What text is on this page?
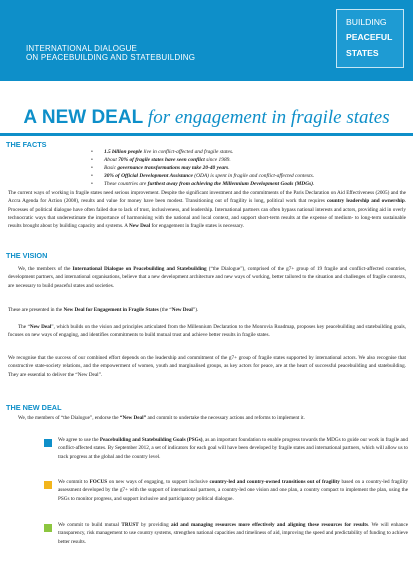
INTERNATIONAL DIALOGUE
ON PEACEBUILDING AND STATEBUILDING
BUILDING
PEACEFUL
STATES
A NEW DEAL for engagement in fragile states
THE FACTS
• 1.5 billion people live in conflict-affected and fragile states.
• About 70% of fragile states have seen conflict since 1989.
• Basic governance transformations may take 20-40 years.
• 30% of Official Development Assistance (ODA) is spent in fragile and conflict-affected contexts.
• These countries are furthest away from achieving the Millennium Development Goals (MDGs).

The current ways of working in fragile states need serious improvement. Despite the significant investment and the commitments of the Paris Declaration on Aid Effectiveness (2005) and the Accra Agenda for Action (2008), results and value for money have been modest. Transitioning out of fragility is long, political work that requires country leadership and ownership. Processes of political dialogue have often failed due to lack of trust, inclusiveness, and leadership. International partners can often bypass national interests and actors, providing aid in overly technocratic ways that underestimate the importance of harmonising with the national and local context, and support short-term results at the expense of medium- to long-term sustainable results brought about by building capacity and systems. A New Deal for engagement in fragile states is necessary.

THE VISION

We, the members of the International Dialogue on Peacebuilding and Statebuilding (“the Dialogue”), comprised of the g7+ group of 19 fragile and conflict-affected countries, development partners, and international organisations, believe that a new development architecture and new ways of working, better tailored to the situation and challenges of fragile contexts, are necessary to build peaceful states and societies.

These are presented in the New Deal for Engagement in Fragile States (the “New Deal”).

The “New Deal”, which builds on the vision and principles articulated from the Millennium Declaration to the Monrovia Roadmap, proposes key peacebuilding and statebuilding goals, focuses on new ways of engaging, and identifies commitments to build mutual trust and achieve better results in fragile states.

We recognise that the success of our combined effort depends on the leadership and commitment of the g7+ group of fragile states supported by international actors. We also recognise that constructive state-society relations, and the empowerment of women, youth and marginalised groups, as key actors for peace, are at the heart of successful peacebuilding and statebuilding. They are essential to deliver the “New Deal”.

THE NEW DEAL

We, the members of “the Dialogue”, endorse the “New Deal” and commit to undertake the necessary actions and reforms to implement it.

We agree to use the Peacebuilding and Statebuilding Goals (PSGs), as an important foundation to enable progress towards the MDGs to guide our work in fragile and conflict-affected states. By September 2012, a set of indicators for each goal will have been developed by fragile states and international partners, which will allow us to track progress at the global and the country level.

We commit to FOCUS on new ways of engaging, to support inclusive country-led and country-owned transitions out of fragility based on a country-led fragility assessment developed by the g7+ with the support of international partners, a country-led one vision and one plan, a country compact to implement the plan, using the PSGs to monitor progress, and support inclusive and participatory political dialogue.

We commit to build mutual TRUST by providing aid and managing resources more effectively and aligning these resources for results. We will enhance transparency, risk management to use country systems, strengthen national capacities and timeliness of aid, improving the speed and predictability of funding to achieve better results.
